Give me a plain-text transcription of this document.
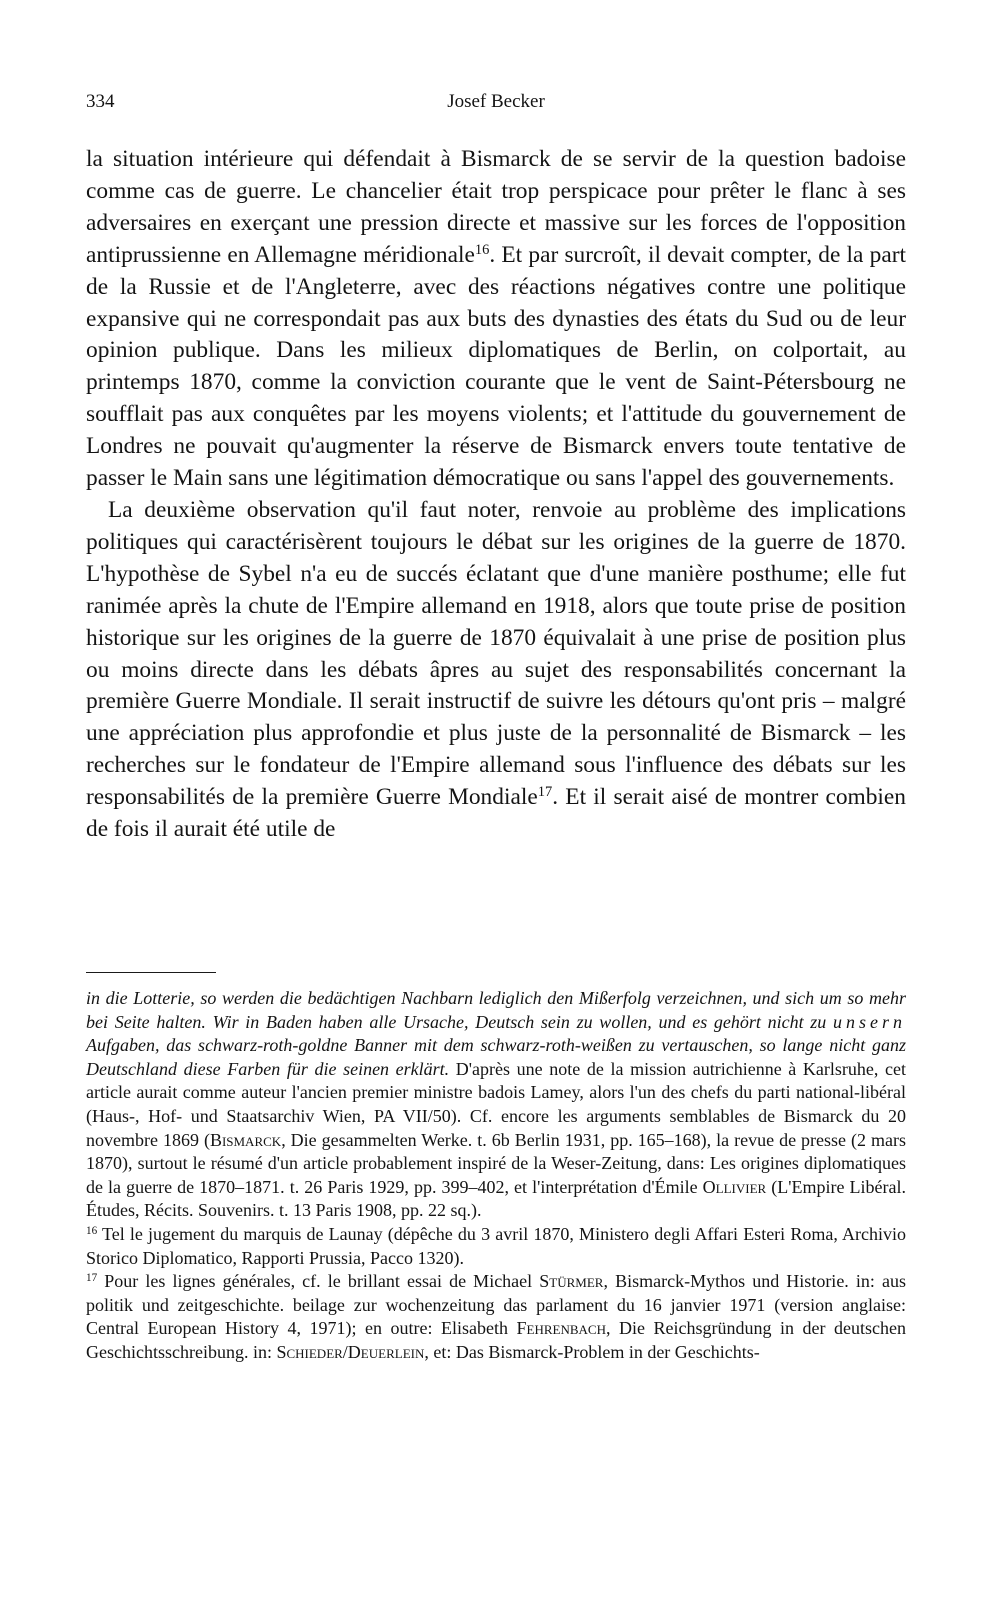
334	Josef Becker

la situation intérieure qui défendait à Bismarck de se servir de la question badoise comme cas de guerre. Le chancelier était trop perspicace pour prêter le flanc à ses adversaires en exerçant une pression directe et massive sur les forces de l'opposition antiprussienne en Allemagne méridionale$^{16}$. Et par surcroît, il devait compter, de la part de la Russie et de l'Angleterre, avec des réactions négatives contre une politique expansive qui ne correspondait pas aux buts des dynasties des états du Sud ou de leur opinion publique. Dans les milieux diplomatiques de Berlin, on colportait, au printemps 1870, comme la conviction courante que le vent de Saint-Pétersbourg ne soufflait pas aux conquêtes par les moyens violents; et l'attitude du gouvernement de Londres ne pouvait qu'augmenter la réserve de Bismarck envers toute tentative de passer le Main sans une légitimation démocratique ou sans l'appel des gouvernements.

La deuxième observation qu'il faut noter, renvoie au problème des implications politiques qui caractérisèrent toujours le débat sur les origines de la guerre de 1870. L'hypothèse de Sybel n'a eu de succés éclatant que d'une manière posthume; elle fut ranimée après la chute de l'Empire allemand en 1918, alors que toute prise de position historique sur les origines de la guerre de 1870 équivalait à une prise de position plus ou moins directe dans les débats âpres au sujet des responsabilités concernant la première Guerre Mondiale. Il serait instructif de suivre les détours qu'ont pris – malgré une appréciation plus approfondie et plus juste de la personnalité de Bismarck – les recherches sur le fondateur de l'Empire allemand sous l'influence des débats sur les responsabilités de la première Guerre Mondiale$^{17}$. Et il serait aisé de montrer combien de fois il aurait été utile de

in die Lotterie, so werden die bedächtigen Nachbarn lediglich den Mißerfolg verzeichnen, und sich um so mehr bei Seite halten. Wir in Baden haben alle Ursache, Deutsch sein zu wollen, und es gehört nicht zu unsern Aufgaben, das schwarz-roth-goldne Banner mit dem schwarz-roth-weißen zu vertauschen, so lange nicht ganz Deutschland diese Farben für die seinen erklärt. D'après une note de la mission autrichienne à Karlsruhe, cet article aurait comme auteur l'ancien premier ministre badois Lamey, alors l'un des chefs du parti national-libéral (Haus-, Hof- und Staatsarchiv Wien, PA VII/50). Cf. encore les arguments semblables de Bismarck du 20 novembre 1869 (Bismarck, Die gesammelten Werke. t. 6b Berlin 1931, pp. 165–168), la revue de presse (2 mars 1870), surtout le résumé d'un article probablement inspiré de la Weser-Zeitung, dans: Les origines diplomatiques de la guerre de 1870–1871. t. 26 Paris 1929, pp. 399–402, et l'interprétation d'Émile Ollivier (L'Empire Libéral. Études, Récits. Souvenirs. t. 13 Paris 1908, pp. 22 sq.).

$^{16}$ Tel le jugement du marquis de Launay (dépêche du 3 avril 1870, Ministero degli Affari Esteri Roma, Archivio Storico Diplomatico, Rapporti Prussia, Pacco 1320).

$^{17}$ Pour les lignes générales, cf. le brillant essai de Michael Stürmer, Bismarck-Mythos und Historie. in: aus politik und zeitgeschichte. beilage zur wochenzeitung das parlament du 16 janvier 1971 (version anglaise: Central European History 4, 1971); en outre: Elisabeth Fehrenbach, Die Reichsgründung in der deutschen Geschichtsschreibung. in: Schieder/Deuerlein, et: Das Bismarck-Problem in der Geschichts-
